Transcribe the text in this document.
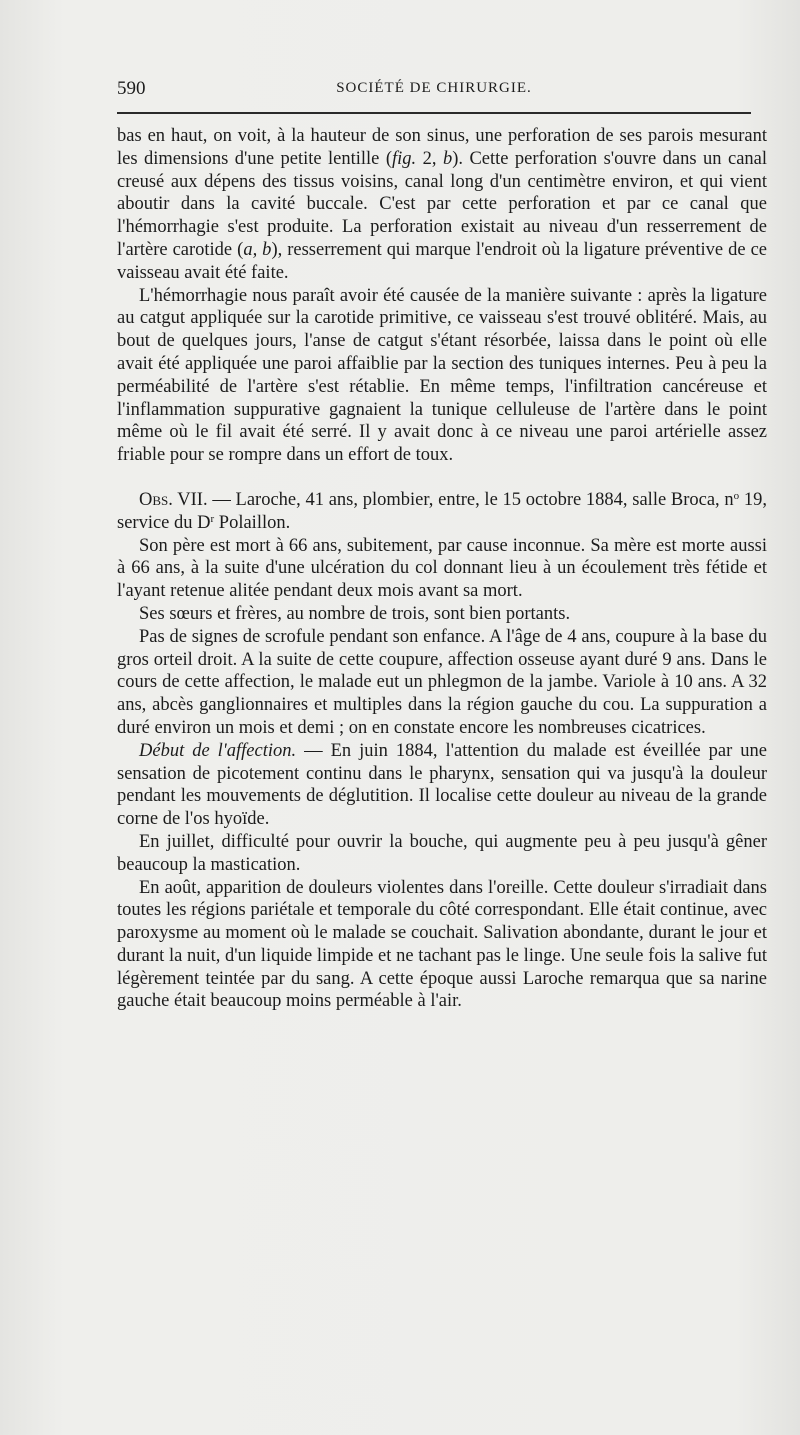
590	SOCIÉTÉ DE CHIRURGIE.

bas en haut, on voit, à la hauteur de son sinus, une perforation de ses parois mesurant les dimensions d'une petite lentille (fig. 2, b). Cette perforation s'ouvre dans un canal creusé aux dépens des tissus voisins, canal long d'un centimètre environ, et qui vient aboutir dans la cavité buccale. C'est par cette perforation et par ce canal que l'hémorrhagie s'est produite. La perforation existait au niveau d'un resserrement de l'artère carotide (a, b), resserrement qui marque l'endroit où la ligature préventive de ce vaisseau avait été faite.

L'hémorrhagie nous paraît avoir été causée de la manière suivante : après la ligature au catgut appliquée sur la carotide primitive, ce vaisseau s'est trouvé oblitéré. Mais, au bout de quelques jours, l'anse de catgut s'étant résorbée, laissa dans le point où elle avait été appliquée une paroi affaiblie par la section des tuniques internes. Peu à peu la perméabilité de l'artère s'est rétablie. En même temps, l'infiltration cancéreuse et l'inflammation suppurative gagnaient la tunique celluleuse de l'artère dans le point même où le fil avait été serré. Il y avait donc à ce niveau une paroi artérielle assez friable pour se rompre dans un effort de toux.

Obs. VII. — Laroche, 41 ans, plombier, entre, le 15 octobre 1884, salle Broca, $n^o$ 19, service du $D^r$ Polaillon.

Son père est mort à 66 ans, subitement, par cause inconnue. Sa mère est morte aussi à 66 ans, à la suite d'une ulcération du col donnant lieu à un écoulement très fétide et l'ayant retenue alitée pendant deux mois avant sa mort.

Ses sœurs et frères, au nombre de trois, sont bien portants.

Pas de signes de scrofule pendant son enfance. A l'âge de 4 ans, coupure à la base du gros orteil droit. A la suite de cette coupure, affection osseuse ayant duré 9 ans. Dans le cours de cette affection, le malade eut un phlegmon de la jambe. Variole à 10 ans. A 32 ans, abcès ganglionnaires et multiples dans la région gauche du cou. La suppuration a duré environ un mois et demi ; on en constate encore les nombreuses cicatrices.

Début de l'affection. — En juin 1884, l'attention du malade est éveillée par une sensation de picotement continu dans le pharynx, sensation qui va jusqu'à la douleur pendant les mouvements de déglutition. Il localise cette douleur au niveau de la grande corne de l'os hyoïde.

En juillet, difficulté pour ouvrir la bouche, qui augmente peu à peu jusqu'à gêner beaucoup la mastication.

En août, apparition de douleurs violentes dans l'oreille. Cette douleur s'irradiait dans toutes les régions pariétale et temporale du côté correspondant. Elle était continue, avec paroxysme au moment où le malade se couchait. Salivation abondante, durant le jour et durant la nuit, d'un liquide limpide et ne tachant pas le linge. Une seule fois la salive fut légèrement teintée par du sang. A cette époque aussi Laroche remarqua que sa narine gauche était beaucoup moins perméable à l'air.
